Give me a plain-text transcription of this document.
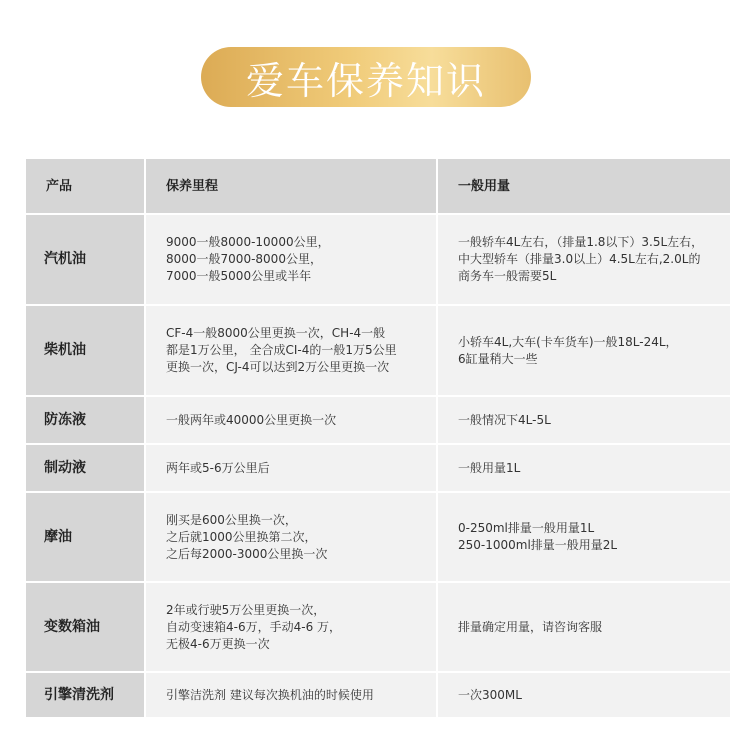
爱车保养知识
产品	保养里程	一般用量
汽机油	9000一般8000-10000公里，
8000一般7000-8000公里，
7000一般5000公里或半年	一般轿车4L左右，（排量1.8以下）3.5L左右，
中大型轿车（排量3.0以上）4.5L左右,2.0L的
商务车一般需要5L

柴机油	CF-4一般8000公里更换一次，CH-4一般
都是1万公里， 全合成CI-4的一般1万5公里
更换一次，CJ-4可以达到2万公里更换一次	小轿车4L,大车(卡车货车)一般18L-24L，
6缸量稍大一些

防冻液	一般两年或40000公里更换一次	一般情况下4L-5L

制动液	两年或5-6万公里后	一般用量1L

摩油	刚买是600公里换一次，
之后就1000公里换第二次，
之后每2000-3000公里换一次	0-250ml排量一般用量1L
250-1000ml排量一般用量2L

变数箱油	2年或行驶5万公里更换一次，
自动变速箱4-6万，手动4-6 万，
无极4-6万更换一次	排量确定用量，请咨询客服

引擎清洗剂	引擎洁洗剂 建议每次换机油的时候使用	一次300ML
